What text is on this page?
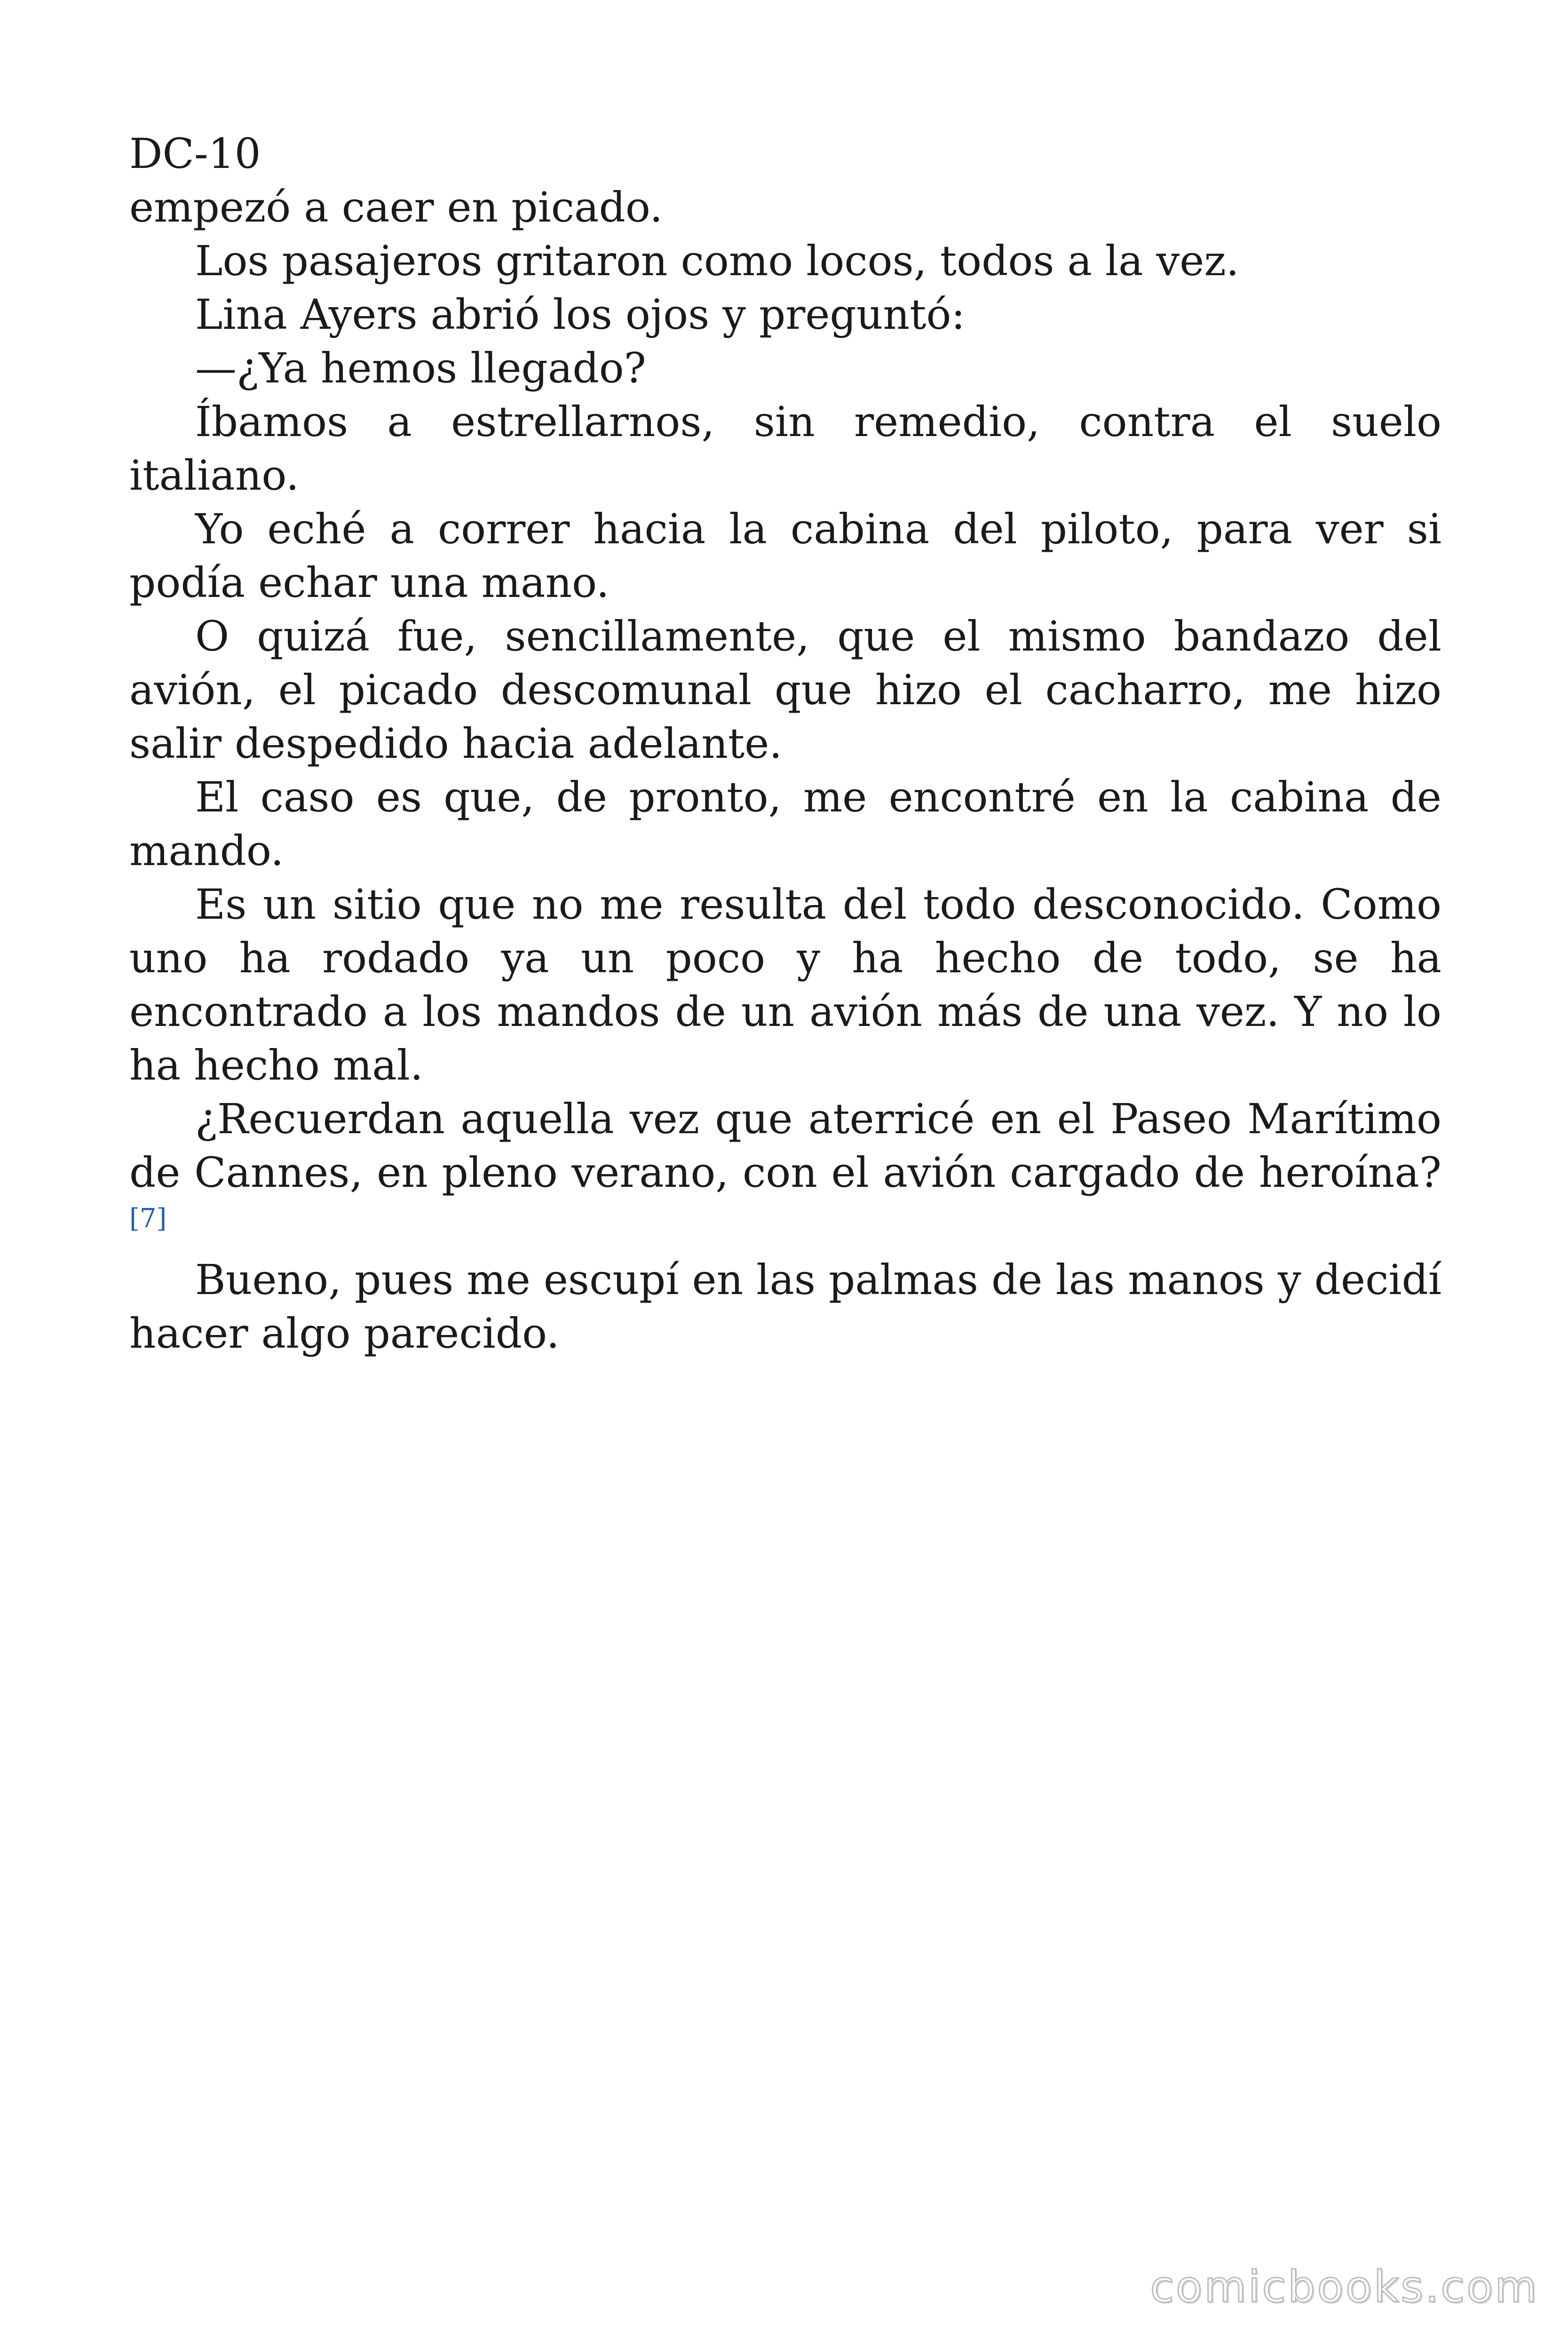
DC-10

empezó a caer en picado.

Los pasajeros gritaron como locos, todos a la vez.

Lina Ayers abrió los ojos y preguntó:

—¿Ya hemos llegado?

Íbamos a estrellarnos, sin remedio, contra el suelo italiano.

Yo eché a correr hacia la cabina del piloto, para ver si podía echar una mano.

O quizá fue, sencillamente, que el mismo bandazo del avión, el picado descomunal que hizo el cacharro, me hizo salir despedido hacia adelante.

El caso es que, de pronto, me encontré en la cabina de mando.

Es un sitio que no me resulta del todo desconocido. Como uno ha rodado ya un poco y ha hecho de todo, se ha encontrado a los mandos de un avión más de una vez. Y no lo ha hecho mal.

¿Recuerdan aquella vez que aterricé en el Paseo Marítimo de Cannes, en pleno verano, con el avión cargado de heroína?[7]

Bueno, pues me escupí en las palmas de las manos y decidí hacer algo parecido.

comicbooks.com
